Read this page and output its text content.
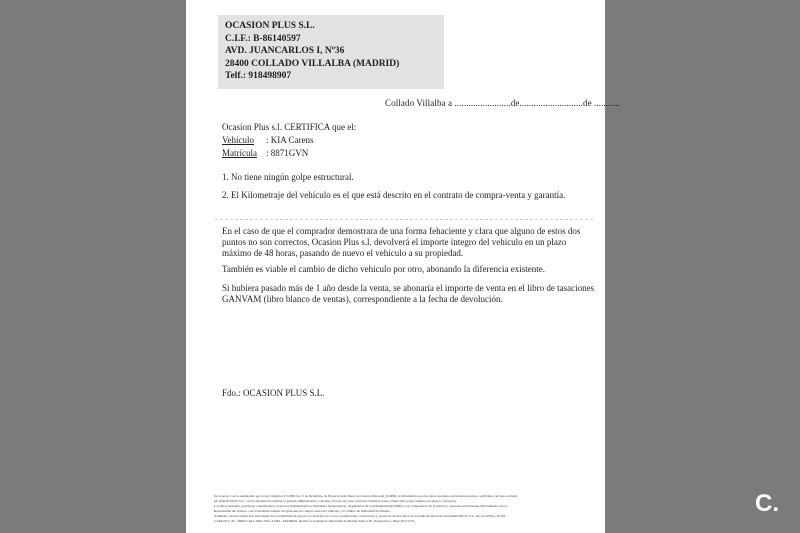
OCASION PLUS S.L.
C.I.F.: B-86140597
AVD. JUANCARLOS I, Nº36
28400 COLLADO VILLALBA (MADRID)
Telf.: 918498907
Collado Villalba a ........................de...........................de ...........
Ocasion Plus s.l. CERTIFICA que el:
Vehículo : KIA Carens
Matrícula : 8871GVN
1. No tiene ningún golpe estructural.
2. El Kilometraje del vehículo es el que está descrito en el contrato de compra-venta y garantía.
En el caso de que el comprador demostrara de una forma fehaciente y clara que alguno de estos dos puntos no son correctos, Ocasion Plus s.l. devolverá el importe íntegro del vehículo en un plazo máximo de 48 horas, pasando de nuevo el vehículo a su propiedad.
También es viable el cambio de dicho vehículo por otro, abonando la diferencia existente.
Si hubiera pasado más de 1 año desde la venta, se abonaría el importe de venta en el libro de tasaciones GANVAM (libro blanco de ventas), correspondiente a la fecha de devolución.
Fdo.: OCASION PLUS S.L.
De acuerdo con lo establecido por la Ley Orgánica 15/1999, de 13 de diciembre, de Protección de Datos de Carácter Personal (LOPD), le informamos que los datos aportados serán incorporados a un fichero del que es titular
OCASION PLUS S.L., con la finalidad de realizar la gestión administrativa, contable y fiscal, así como enviarle comunicaciones comerciales sobre nuestros productos y servicios.
Los datos incluidos podrán ser comunicados a Gestores Administrativos, Entidades Aseguradoras, Organismos de la Administración Pública con competencia en la materia y personas relacionadas directamente con el
Responsable del fichero, con la finalidad realizar las gestiones de compra venta del vehículo y el cambio de titularidad del mismo.
Asimismo, declaro haber sido informado de la posibilidad de ejercer los derechos de acceso, rectificación, cancelación y oposición de mis datos en el domicilio fiscal de OCASIÓN PLUS, S.L. sito en AVDA. JUAN
CARLOS I, 36 - 28400 COLLADO VILLALBA - MADRID. Inscrita en el Registro Mercantil de Madrid Tomo 130, Inscripción 1, Hoja M 512731.
C.
